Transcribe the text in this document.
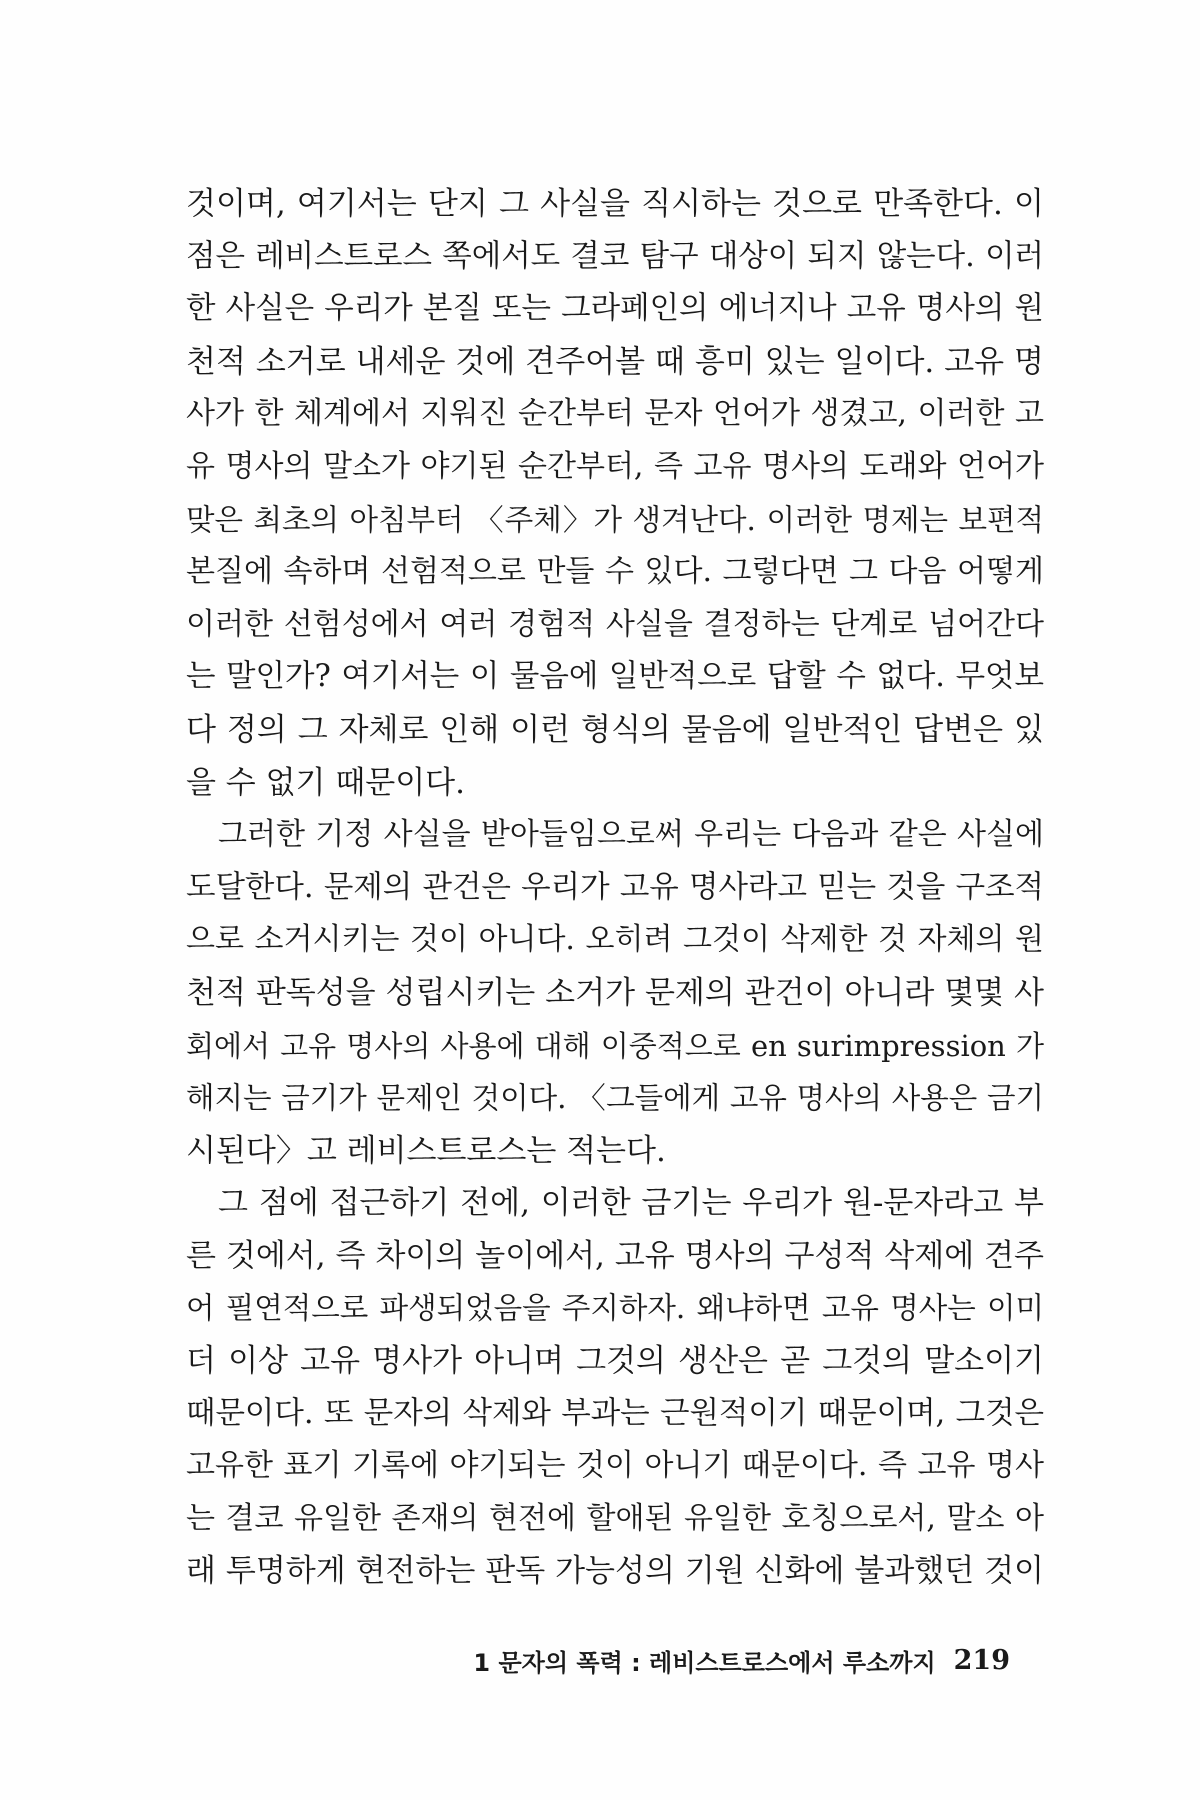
것이며, 여기서는 단지 그 사실을 직시하는 것으로 만족한다. 이
점은 레비스트로스 쪽에서도 결코 탐구 대상이 되지 않는다. 이러
한 사실은 우리가 본질 또는 그라페인의 에너지나 고유 명사의 원
천적 소거로 내세운 것에 견주어볼 때 흥미 있는 일이다. 고유 명
사가 한 체계에서 지워진 순간부터 문자 언어가 생겼고, 이러한 고
유 명사의 말소가 야기된 순간부터, 즉 고유 명사의 도래와 언어가
맞은 최초의 아침부터 〈주체〉가 생겨난다. 이러한 명제는 보편적
본질에 속하며 선험적으로 만들 수 있다. 그렇다면 그 다음 어떻게
이러한 선험성에서 여러 경험적 사실을 결정하는 단계로 넘어간다
는 말인가? 여기서는 이 물음에 일반적으로 답할 수 없다. 무엇보
다 정의 그 자체로 인해 이런 형식의 물음에 일반적인 답변은 있
을 수 없기 때문이다.
그러한 기정 사실을 받아들임으로써 우리는 다음과 같은 사실에
도달한다. 문제의 관건은 우리가 고유 명사라고 믿는 것을 구조적
으로 소거시키는 것이 아니다. 오히려 그것이 삭제한 것 자체의 원
천적 판독성을 성립시키는 소거가 문제의 관건이 아니라 몇몇 사
회에서 고유 명사의 사용에 대해 이중적으로 en surimpression 가
해지는 금기가 문제인 것이다. 〈그들에게 고유 명사의 사용은 금기
시된다〉고 레비스트로스는 적는다.
그 점에 접근하기 전에, 이러한 금기는 우리가 원-문자라고 부
른 것에서, 즉 차이의 놀이에서, 고유 명사의 구성적 삭제에 견주
어 필연적으로 파생되었음을 주지하자. 왜냐하면 고유 명사는 이미
더 이상 고유 명사가 아니며 그것의 생산은 곧 그것의 말소이기
때문이다. 또 문자의 삭제와 부과는 근원적이기 때문이며, 그것은
고유한 표기 기록에 야기되는 것이 아니기 때문이다. 즉 고유 명사
는 결코 유일한 존재의 현전에 할애된 유일한 호칭으로서, 말소 아
래 투명하게 현전하는 판독 가능성의 기원 신화에 불과했던 것이
1 문자의 폭력 : 레비스트로스에서 루소까지 219
